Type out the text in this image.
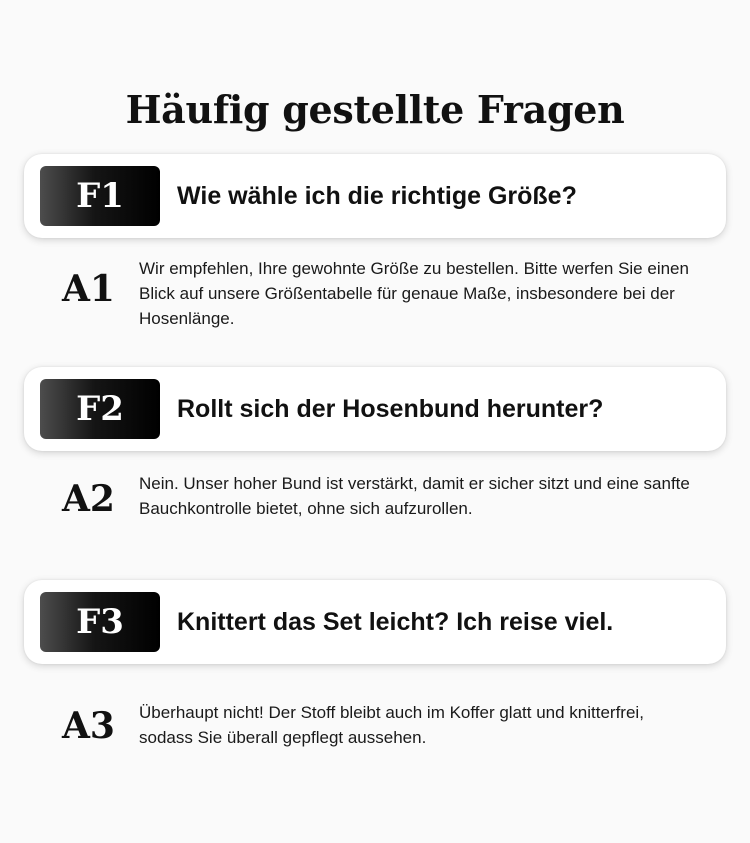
Häufig gestellte Fragen
F1	Wie wähle ich die richtige Größe?
A1 Wir empfehlen, Ihre gewohnte Größe zu bestellen. Bitte werfen Sie einen Blick auf unsere Größentabelle für genaue Maße, insbesondere bei der Hosenlänge.
F2	Rollt sich der Hosenbund herunter?
A2 Nein. Unser hoher Bund ist verstärkt, damit er sicher sitzt und eine sanfte Bauchkontrolle bietet, ohne sich aufzurollen.
F3	Knittert das Set leicht? Ich reise viel.
A3 Überhaupt nicht! Der Stoff bleibt auch im Koffer glatt und knitterfrei, sodass Sie überall gepflegt aussehen.
